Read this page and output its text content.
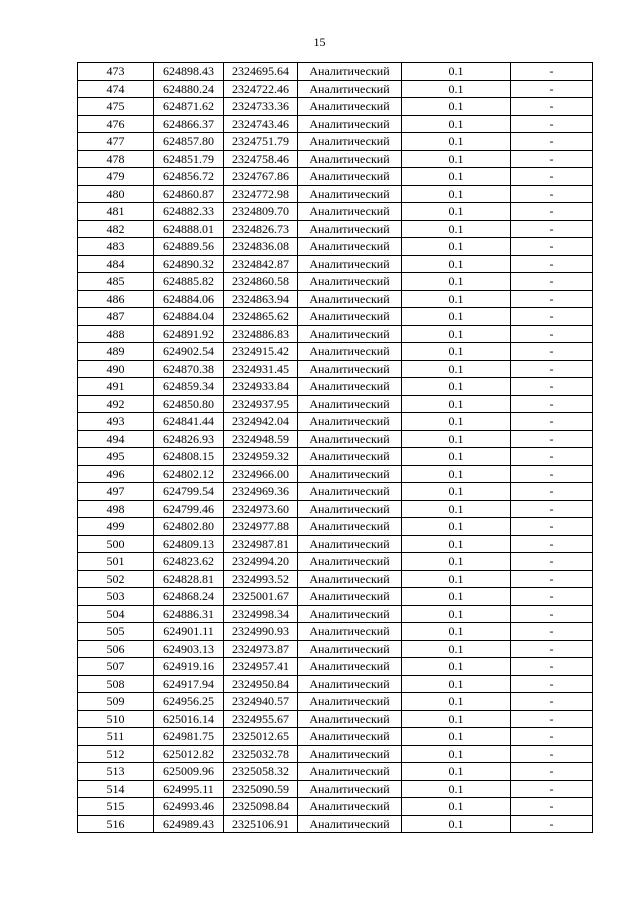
15
473	624898.43	2324695.64	Аналитический	0.1	-
474	624880.24	2324722.46	Аналитический	0.1	-
475	624871.62	2324733.36	Аналитический	0.1	-
476	624866.37	2324743.46	Аналитический	0.1	-
477	624857.80	2324751.79	Аналитический	0.1	-
478	624851.79	2324758.46	Аналитический	0.1	-
479	624856.72	2324767.86	Аналитический	0.1	-
480	624860.87	2324772.98	Аналитический	0.1	-
481	624882.33	2324809.70	Аналитический	0.1	-
482	624888.01	2324826.73	Аналитический	0.1	-
483	624889.56	2324836.08	Аналитический	0.1	-
484	624890.32	2324842.87	Аналитический	0.1	-
485	624885.82	2324860.58	Аналитический	0.1	-
486	624884.06	2324863.94	Аналитический	0.1	-
487	624884.04	2324865.62	Аналитический	0.1	-
488	624891.92	2324886.83	Аналитический	0.1	-
489	624902.54	2324915.42	Аналитический	0.1	-
490	624870.38	2324931.45	Аналитический	0.1	-
491	624859.34	2324933.84	Аналитический	0.1	-
492	624850.80	2324937.95	Аналитический	0.1	-
493	624841.44	2324942.04	Аналитический	0.1	-
494	624826.93	2324948.59	Аналитический	0.1	-
495	624808.15	2324959.32	Аналитический	0.1	-
496	624802.12	2324966.00	Аналитический	0.1	-
497	624799.54	2324969.36	Аналитический	0.1	-
498	624799.46	2324973.60	Аналитический	0.1	-
499	624802.80	2324977.88	Аналитический	0.1	-
500	624809.13	2324987.81	Аналитический	0.1	-
501	624823.62	2324994.20	Аналитический	0.1	-
502	624828.81	2324993.52	Аналитический	0.1	-
503	624868.24	2325001.67	Аналитический	0.1	-
504	624886.31	2324998.34	Аналитический	0.1	-
505	624901.11	2324990.93	Аналитический	0.1	-
506	624903.13	2324973.87	Аналитический	0.1	-
507	624919.16	2324957.41	Аналитический	0.1	-
508	624917.94	2324950.84	Аналитический	0.1	-
509	624956.25	2324940.57	Аналитический	0.1	-
510	625016.14	2324955.67	Аналитический	0.1	-
511	624981.75	2325012.65	Аналитический	0.1	-
512	625012.82	2325032.78	Аналитический	0.1	-
513	625009.96	2325058.32	Аналитический	0.1	-
514	624995.11	2325090.59	Аналитический	0.1	-
515	624993.46	2325098.84	Аналитический	0.1	-
516	624989.43	2325106.91	Аналитический	0.1	-
